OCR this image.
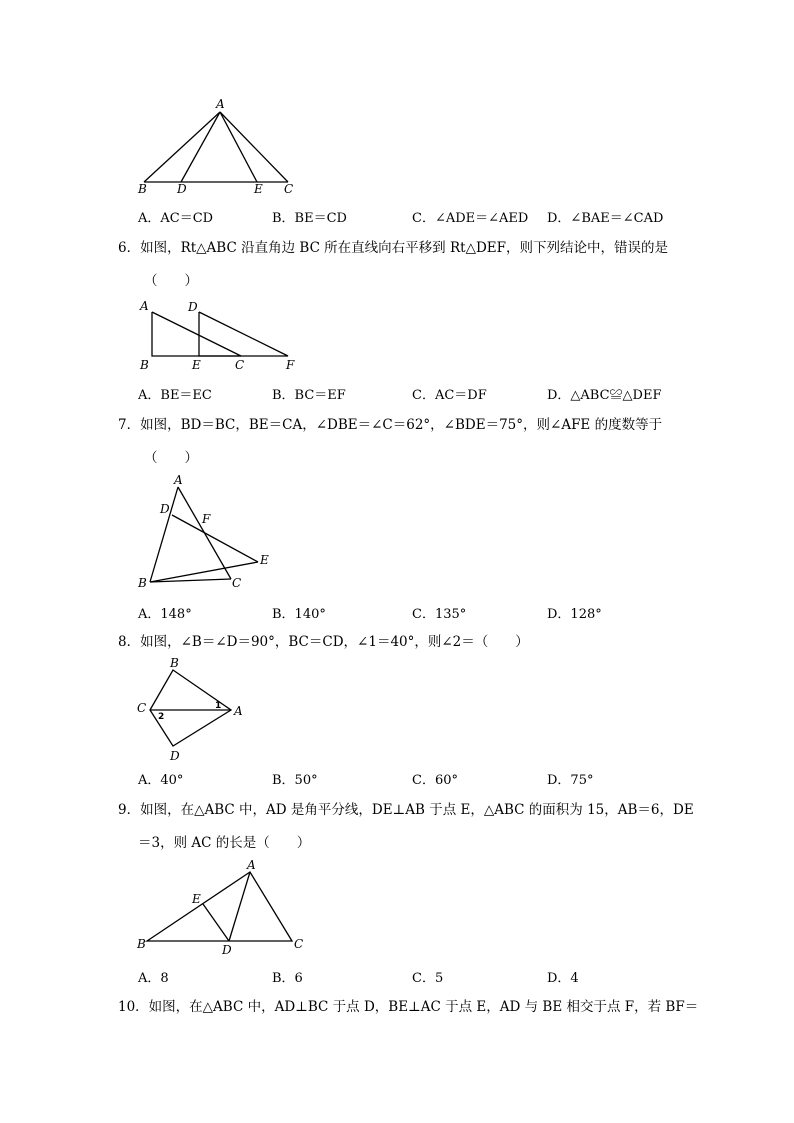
A
B	D	E C
A．AC＝CD	B．BE＝CD	C．∠ADE＝∠AED D．∠BAE＝∠CAD
6．如图，Rt△ABC 沿直角边 BC 所在直线向右平移到 Rt△DEF，则下列结论中，错误的是
（　　）
A	D
B	E	C	F
A．BE＝EC	B．BC＝EF	C．AC＝DF	D．△ABC≌△DEF
7．如图，BD＝BC，BE＝CA，∠DBE＝∠C＝62°，∠BDE＝75°，则∠AFE 的度数等于
（　　）
A
D
F
E
B	C
A．148°	B．140°	C．135°	D．128°
8．如图，∠B＝∠D＝90°，BC＝CD，∠1＝40°，则∠2＝（　　）
B
C	A
D
1
2
A．40°	B．50°	C．60°	D．75°
9．如图，在△ABC 中，AD 是角平分线，DE⊥AB 于点 E，△ABC 的面积为 15，AB＝6，DE
＝3，则 AC 的长是（　　）
A
E
B	D	C
A．8	B．6	C．5	D．4
10．如图，在△ABC 中，AD⊥BC 于点 D，BE⊥AC 于点 E，AD 与 BE 相交于点 F，若 BF＝
